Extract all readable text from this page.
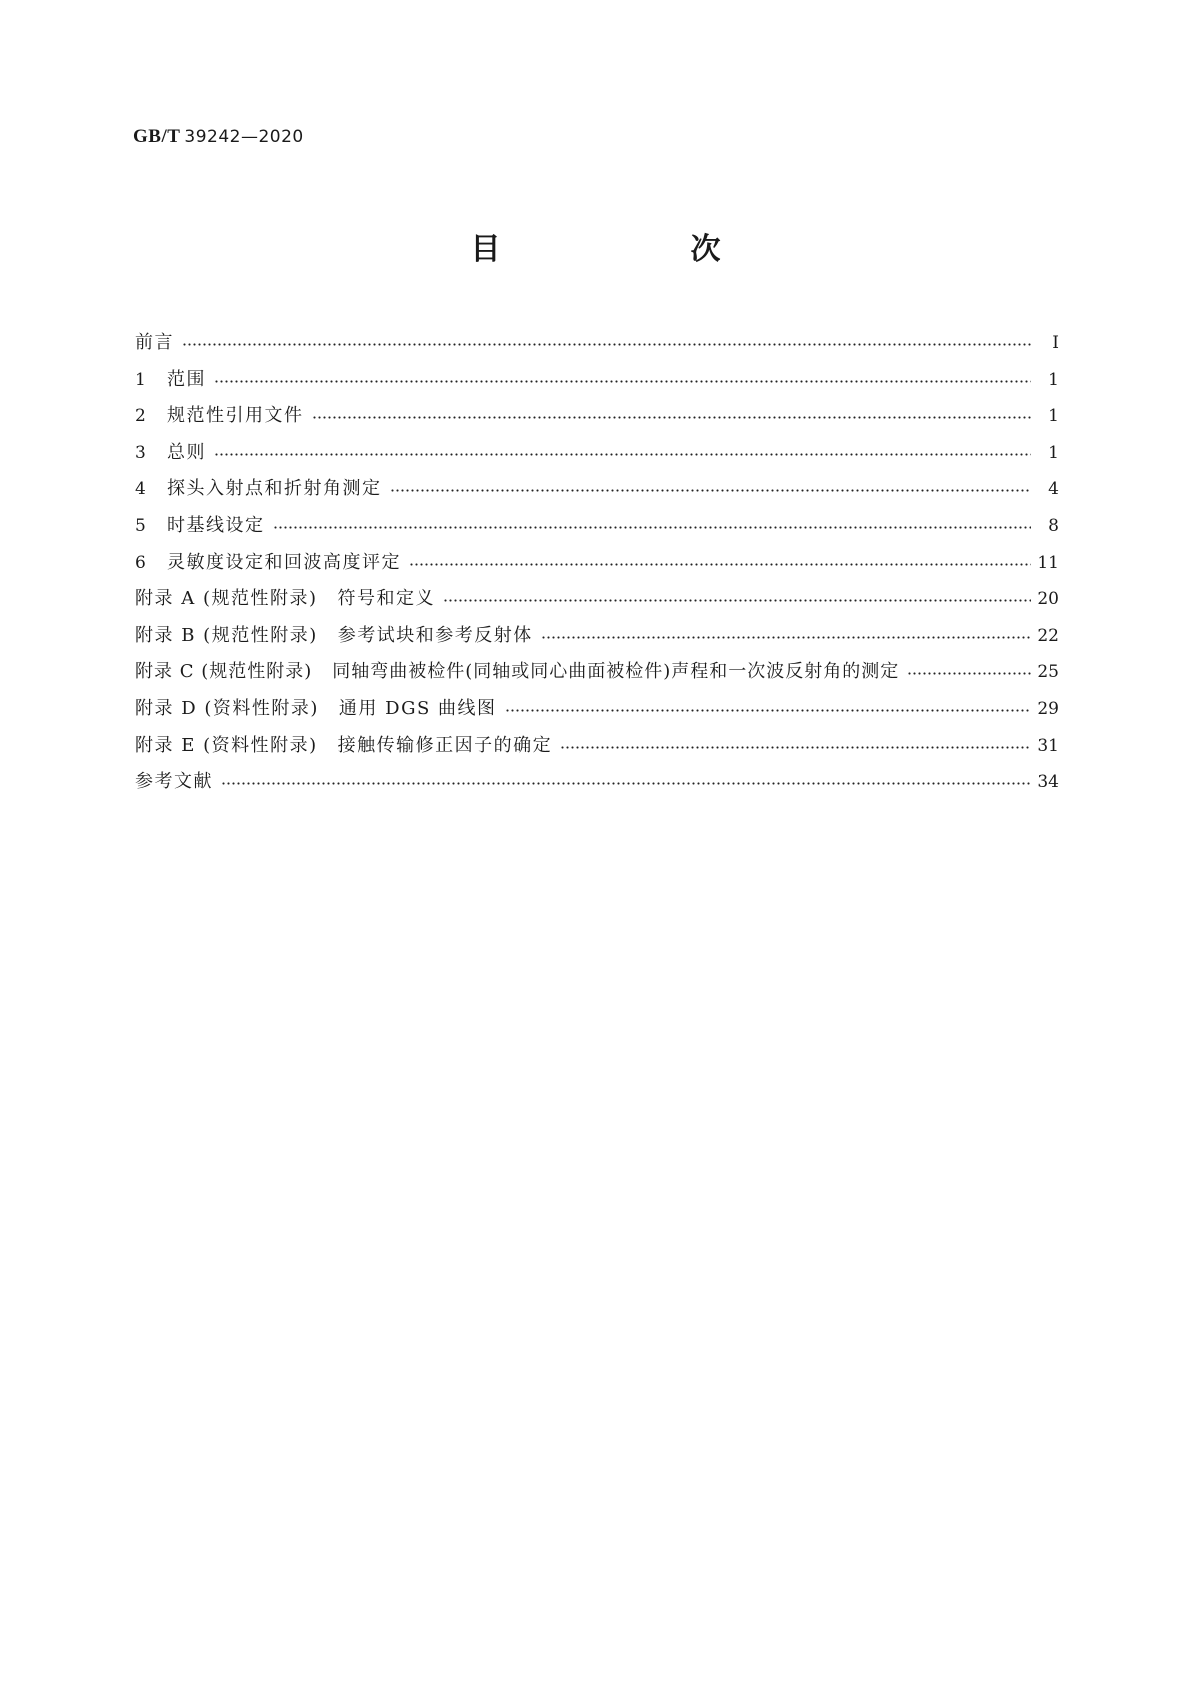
GB/T 39242—2020
目　次
前言	Ⅰ
1	范围	1
2	规范性引用文件	1
3	总则	1
4	探头入射点和折射角测定	4
5	时基线设定	8
6	灵敏度设定和回波高度评定	11
附录 A (规范性附录) 符号和定义	20
附录 B (规范性附录) 参考试块和参考反射体	22
附录 C (规范性附录) 同轴弯曲被检件(同轴或同心曲面被检件)声程和一次波反射角的测定	25
附录 D (资料性附录) 通用 DGS 曲线图	29
附录 E (资料性附录) 接触传输修正因子的确定	31
参考文献	34
